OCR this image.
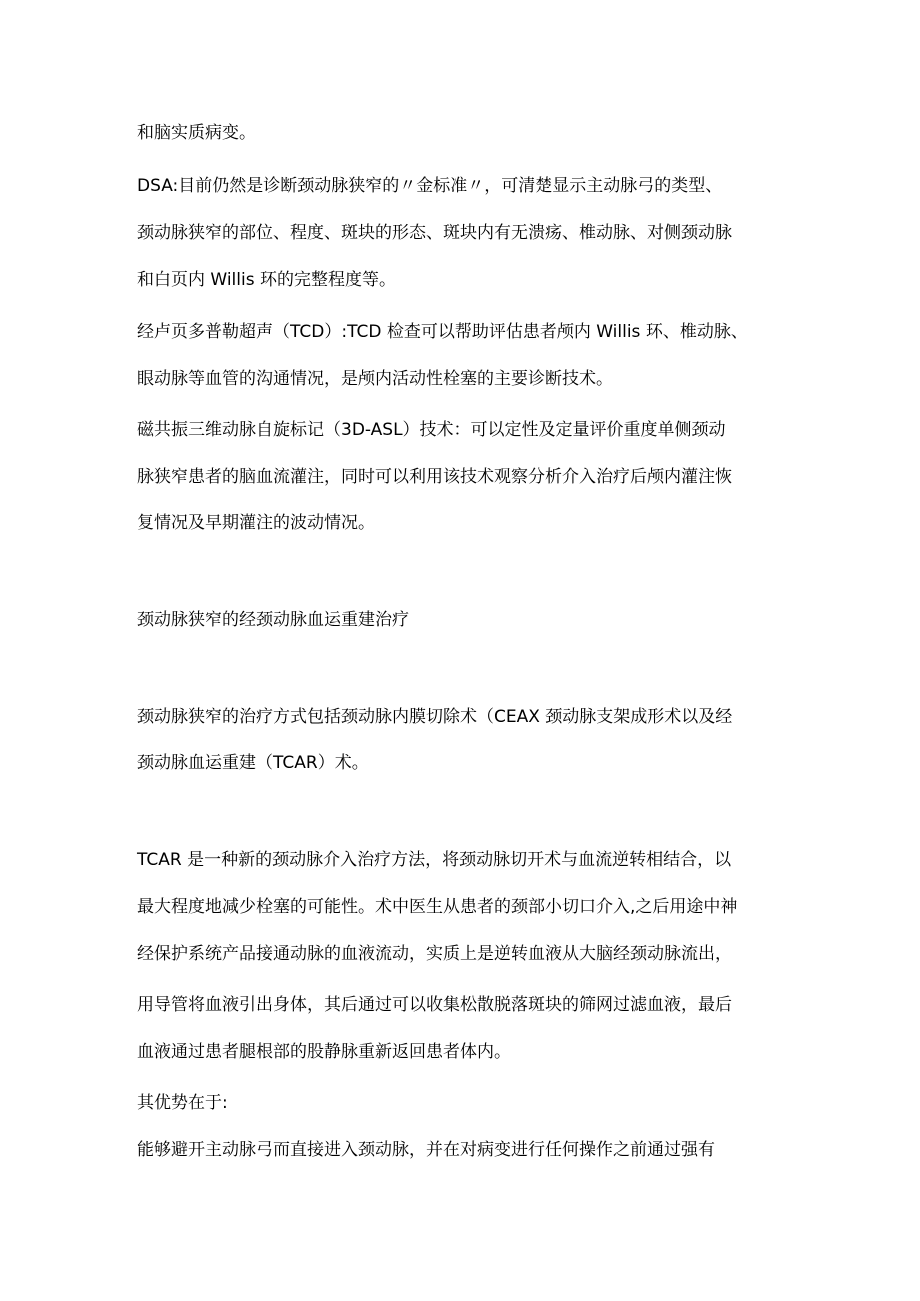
和脑实质病变。
DSA:目前仍然是诊断颈动脉狭窄的〃金标准〃，可清楚显示主动脉弓的类型、
颈动脉狭窄的部位、程度、斑块的形态、斑块内有无溃疡、椎动脉、对侧颈动脉
和白页内 Willis 环的完整程度等。
经卢页多普勒超声（TCD）:TCD 检查可以帮助评估患者颅内 Willis 环、椎动脉、
眼动脉等血管的沟通情况，是颅内活动性栓塞的主要诊断技术。
磁共振三维动脉自旋标记（3D-ASL）技术：可以定性及定量评价重度单侧颈动
脉狭窄患者的脑血流灌注，同时可以利用该技术观察分析介入治疗后颅内灌注恢
复情况及早期灌注的波动情况。
颈动脉狭窄的经颈动脉血运重建治疗
颈动脉狭窄的治疗方式包括颈动脉内膜切除术（CEAX 颈动脉支架成形术以及经
颈动脉血运重建（TCAR）术。
TCAR 是一种新的颈动脉介入治疗方法，将颈动脉切开术与血流逆转相结合，以
最大程度地减少栓塞的可能性。术中医生从患者的颈部小切口介入,之后用途中神
经保护系统产品接通动脉的血液流动，实质上是逆转血液从大脑经颈动脉流出，
用导管将血液引出身体，其后通过可以收集松散脱落斑块的筛网过滤血液，最后
血液通过患者腿根部的股静脉重新返回患者体内。
其优势在于:
能够避开主动脉弓而直接进入颈动脉，并在对病变进行任何操作之前通过强有
